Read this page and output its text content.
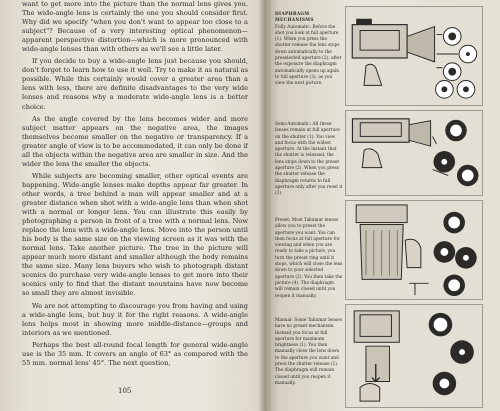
want to get more into the picture than the normal lens gives you. The wide-angle lens is certainly the one you should consider first. Why did we specify "when you don't want to appear too close to a subject"? Because of a very interesting optical phenomenon—apparent perspective distortion—which is more pronounced with wide-angle lenses than with others as we'll see a little later.

If you decide to buy a wide-angle lens just because you should, don't forget to learn how to use it well. Try to make it as natural as possible. While this certainly would cover a greater area than a lens with less, there are definite disadvantages to the very wide lenses and reasons why a moderate wide-angle lens is a better choice.

As the angle covered by the lens becomes wider and more subject matter appears on the negative area, the images themselves become smaller on the negative or transparency. If a greater angle of view is to be accommodated, it can only be done if all the objects within the negative area are smaller in size. And the wider the lens the smaller the objects.

While subjects are becoming smaller, other optical events are happening. Wide-angle lenses make depths appear far greater. In other words, a tree behind a man will appear smaller and at a greater distance when shot with a wide-angle lens than when shot with a normal or longer lens. You can illustrate this easily by photographing a person in front of a tree with a normal lens. Now replace the lens with a wide-angle lens. Move into the person until his body is the same size on the viewing screen as it was with the normal lens. Take another picture. The tree in the picture will appear much more distant and smaller although the body remains the same size. Many lens buyers who wish to photograph distant scenics do purchase very wide-angle lenses to get more into their scenics only to find that the distant mountains have now become so small they are almost invisible.

We are not attempting to discourage you from having and using a wide-angle lens, but buy it for the right reasons. A wide-angle lens helps most in showing more middle-distance—groups and interiors as we mentioned.

Perhaps the best all-round focal length for general wide-angle use is the 35 mm. It covers an angle of 63° as compared with the 55 mm. normal lens' 45°. The next question,

105
DIAPHRAGM MECHANISMS
Fully Automatic: Before the shot you look at full aperture (1). When you press the shutter release the lens stops down automatically to the preselected aperture (2); after the exposure the diaphragm automatically opens up again to full aperture (3), as you view the next picture.
Semi-Automatic: All these lenses remain at full aperture on the shutter (1). You view and focus with the widest aperture. At the instant that the shutter is released, the lens stops down to the preset aperture (2). When you press the shutter release the diaphragm returns to full aperture only after you reset it (3).
Preset: Most Takumar lenses allow you to preset the aperture you want. You can then focus at full aperture for viewing and when you are ready to take a picture, you turn the preset ring until it stops, which will close the lens down to your selected aperture (2). You then take the picture (4). The diaphragm will remain closed until you reopen it manually.
Manual: Some Takumar lenses have no preset mechanism. Instead you focus at full aperture for maximum brightness (1). You then manually close the lens down to the aperture you want and press the shutter release (2). The diaphragm will remain closed until you reopen it manually.
